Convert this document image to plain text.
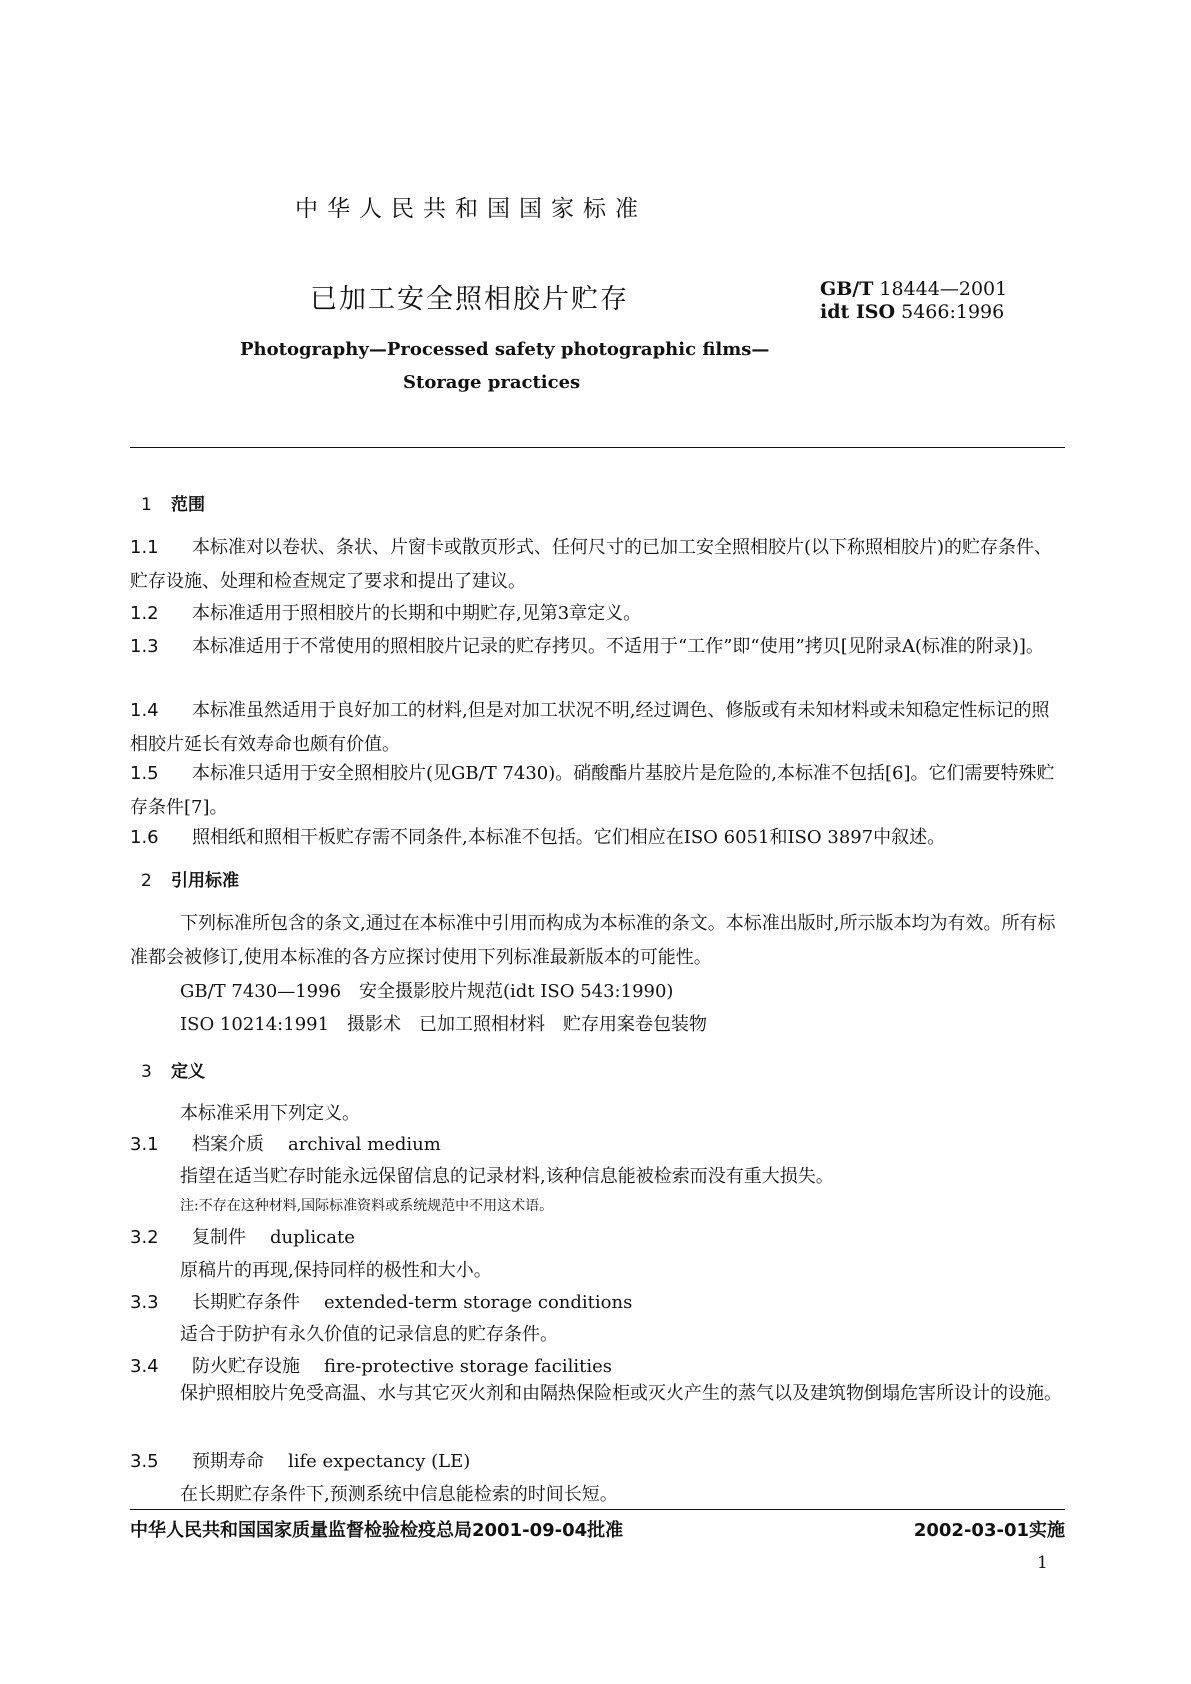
中华人民共和国国家标准
已加工安全照相胶片贮存	GB/T 18444—2001
idt ISO 5466:1996
Photography—Processed safety photographic films—
Storage practices
1 范围
1.1 本标准对以卷状、条状、片窗卡或散页形式、任何尺寸的已加工安全照相胶片(以下称照相胶片)的贮存条件、贮存设施、处理和检查规定了要求和提出了建议。
1.2 本标准适用于照相胶片的长期和中期贮存,见第3章定义。
1.3 本标准适用于不常使用的照相胶片记录的贮存拷贝。不适用于“工作”即“使用”拷贝[见附录A(标准的附录)]。
1.4 本标准虽然适用于良好加工的材料,但是对加工状况不明,经过调色、修版或有未知材料或未知稳定性标记的照相胶片延长有效寿命也颇有价值。
1.5 本标准只适用于安全照相胶片(见GB/T 7430)。硝酸酯片基胶片是危险的,本标准不包括[6]。它们需要特殊贮存条件[7]。
1.6 照相纸和照相干板贮存需不同条件,本标准不包括。它们相应在ISO 6051和ISO 3897中叙述。
2 引用标准
下列标准所包含的条文,通过在本标准中引用而构成为本标准的条文。本标准出版时,所示版本均为有效。所有标准都会被修订,使用本标准的各方应探讨使用下列标准最新版本的可能性。
GB/T 7430—1996　安全摄影胶片规范(idt ISO 543:1990)
ISO 10214:1991　摄影术　已加工照相材料　贮存用案卷包装物
3 定义
本标准采用下列定义。
3.1 档案介质 archival medium
指望在适当贮存时能永远保留信息的记录材料,该种信息能被检索而没有重大损失。
注:不存在这种材料,国际标准资料或系统规范中不用这术语。
3.2 复制件 duplicate
原稿片的再现,保持同样的极性和大小。
3.3 长期贮存条件 extended-term storage conditions
适合于防护有永久价值的记录信息的贮存条件。
3.4 防火贮存设施 fire-protective storage facilities
保护照相胶片免受高温、水与其它灭火剂和由隔热保险柜或灭火产生的蒸气以及建筑物倒塌危害所设计的设施。
3.5 预期寿命 life expectancy (LE)
在长期贮存条件下,预测系统中信息能检索的时间长短。
中华人民共和国国家质量监督检验检疫总局2001-09-04批准	2002-03-01实施
1
